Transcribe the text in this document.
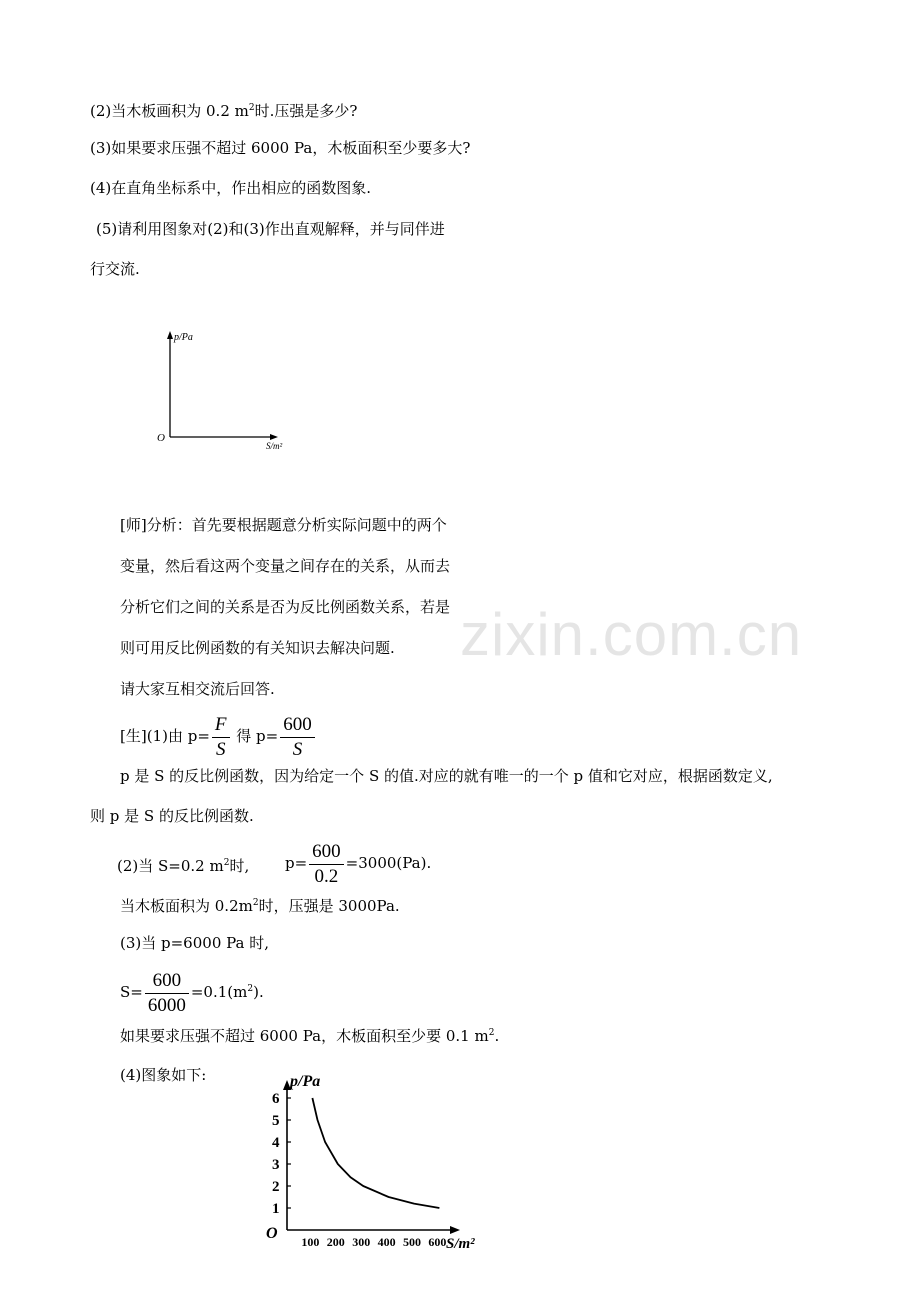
(2)当木板画积为 0.2 $m^2$时.压强是多少?
(3)如果要求压强不超过 6000 Pa，木板面积至少要多大?
(4)在直角坐标系中，作出相应的函数图象.
(5)请利用图象对(2)和(3)作出直观解释，并与同伴进
行交流.
p/Pa
O
S/m²
[师]分析：首先要根据题意分析实际问题中的两个
变量，然后看这两个变量之间存在的关系，从而去
分析它们之间的关系是否为反比例函数关系，若是
则可用反比例函数的有关知识去解决问题.
请大家互相交流后回答.
[生](1)由 $p= \frac{F}{S}$ 得 $p= \frac{600}{S}$
p 是 S 的反比例函数，因为给定一个 S 的值.对应的就有唯一的一个 p 值和它对应，根据函数定义,
则 p 是 S 的反比例函数.
(2)当 S=0.2 $m^2$时, $p= \frac{600}{0.2} =3000(Pa)$.
当木板面积为 $0.2m^2$时，压强是 3000Pa.
(3)当 p=6000 Pa 时,
$S= \frac{600}{6000} =0.1(m^2)$.
如果要求压强不超过 6000 Pa，木板面积至少要 0.1 $m^2$.
(4)图象如下:	p/Pa
O
S/m²
1
2
3
4
5
6
100 200 300 400 500 600
zixin.com.cn
